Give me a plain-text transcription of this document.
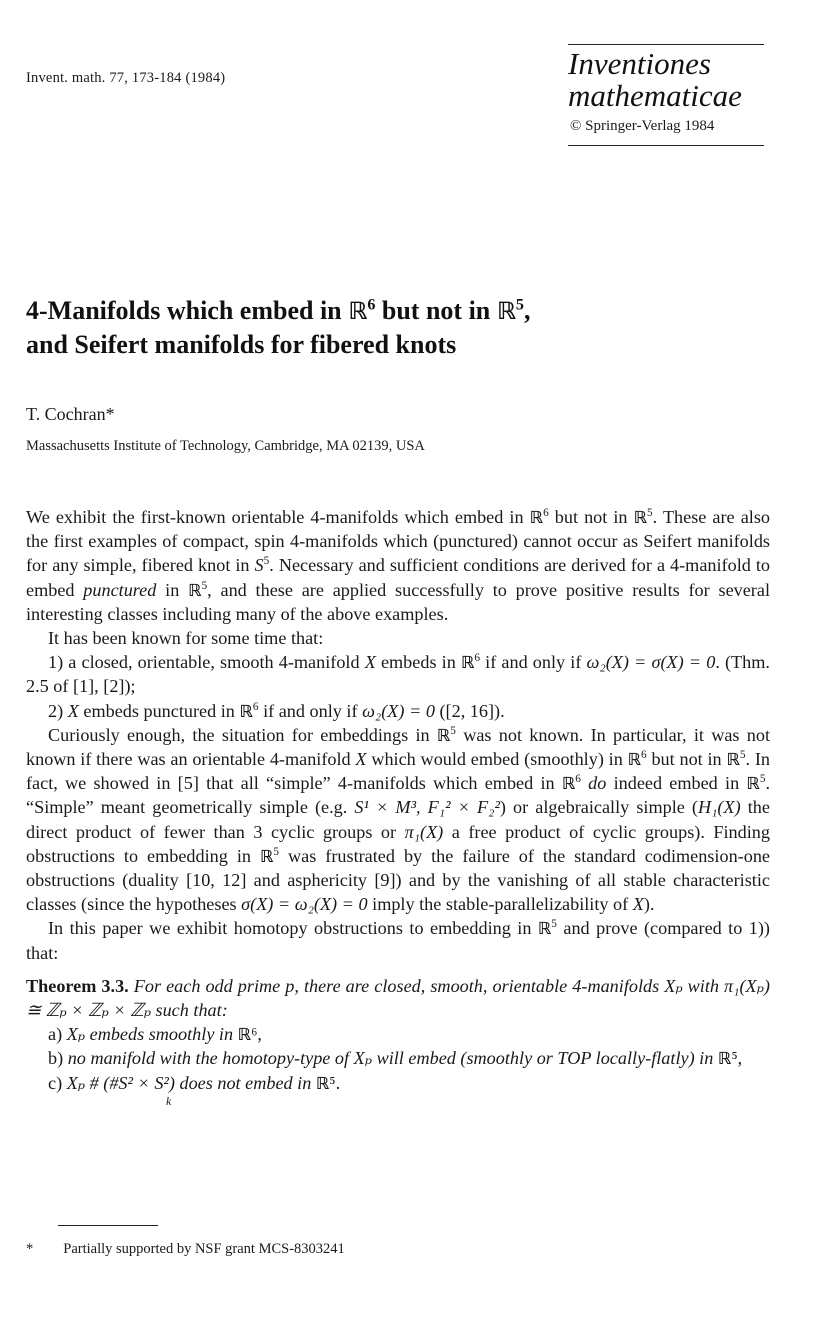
Invent. math. 77, 173-184 (1984)	Inventiones
mathematicae
© Springer-Verlag 1984
4-Manifolds which embed in ℝ$^6$ but not in ℝ$^5$,
and Seifert manifolds for fibered knots
T. Cochran*
Massachusetts Institute of Technology, Cambridge, MA 02139, USA

We exhibit the first-known orientable 4-manifolds which embed in ℝ$^6$ but not in ℝ$^5$. These are also the first examples of compact, spin 4-manifolds which (punctured) cannot occur as Seifert manifolds for any simple, fibered knot in $S^5$. Necessary and sufficient conditions are derived for a 4-manifold to embed punctured in ℝ$^5$, and these are applied successfully to prove positive results for several interesting classes including many of the above examples.

It has been known for some time that:

1) a closed, orientable, smooth 4-manifold X embeds in ℝ$^6$ if and only if ω₂(X) = σ(X) = 0. (Thm. 2.5 of [1], [2]);

2) X embeds punctured in ℝ$^6$ if and only if ω₂(X) = 0 ([2, 16]).

Curiously enough, the situation for embeddings in ℝ$^5$ was not known. In particular, it was not known if there was an orientable 4-manifold X which would embed (smoothly) in ℝ$^6$ but not in ℝ$^5$. In fact, we showed in [5] that all “simple” 4-manifolds which embed in ℝ$^6$ do indeed embed in ℝ$^5$. “Simple” meant geometrically simple (e.g. S¹ × M³, F₁² × F₂²) or algebraically simple (H₁(X) the direct product of fewer than 3 cyclic groups or π₁(X) a free product of cyclic groups). Finding obstructions to embedding in ℝ$^5$ was frustrated by the failure of the standard codimension-one obstructions (duality [10, 12] and asphericity [9]) and by the vanishing of all stable characteristic classes (since the hypotheses σ(X) = ω₂(X) = 0 imply the stable-parallelizability of X).

In this paper we exhibit homotopy obstructions to embedding in ℝ$^5$ and prove (compared to 1)) that:

Theorem 3.3. For each odd prime p, there are closed, smooth, orientable 4-manifolds Xₚ with π₁(Xₚ) ≅ ℤₚ × ℤₚ × ℤₚ such that:

a) Xₚ embeds smoothly in ℝ⁶,

b) no manifold with the homotopy-type of Xₚ will embed (smoothly or TOP locally-flatly) in ℝ⁵,

c) Xₚ # (#S² × S²) does not embed in ℝ⁵.

k
* Partially supported by NSF grant MCS-8303241
